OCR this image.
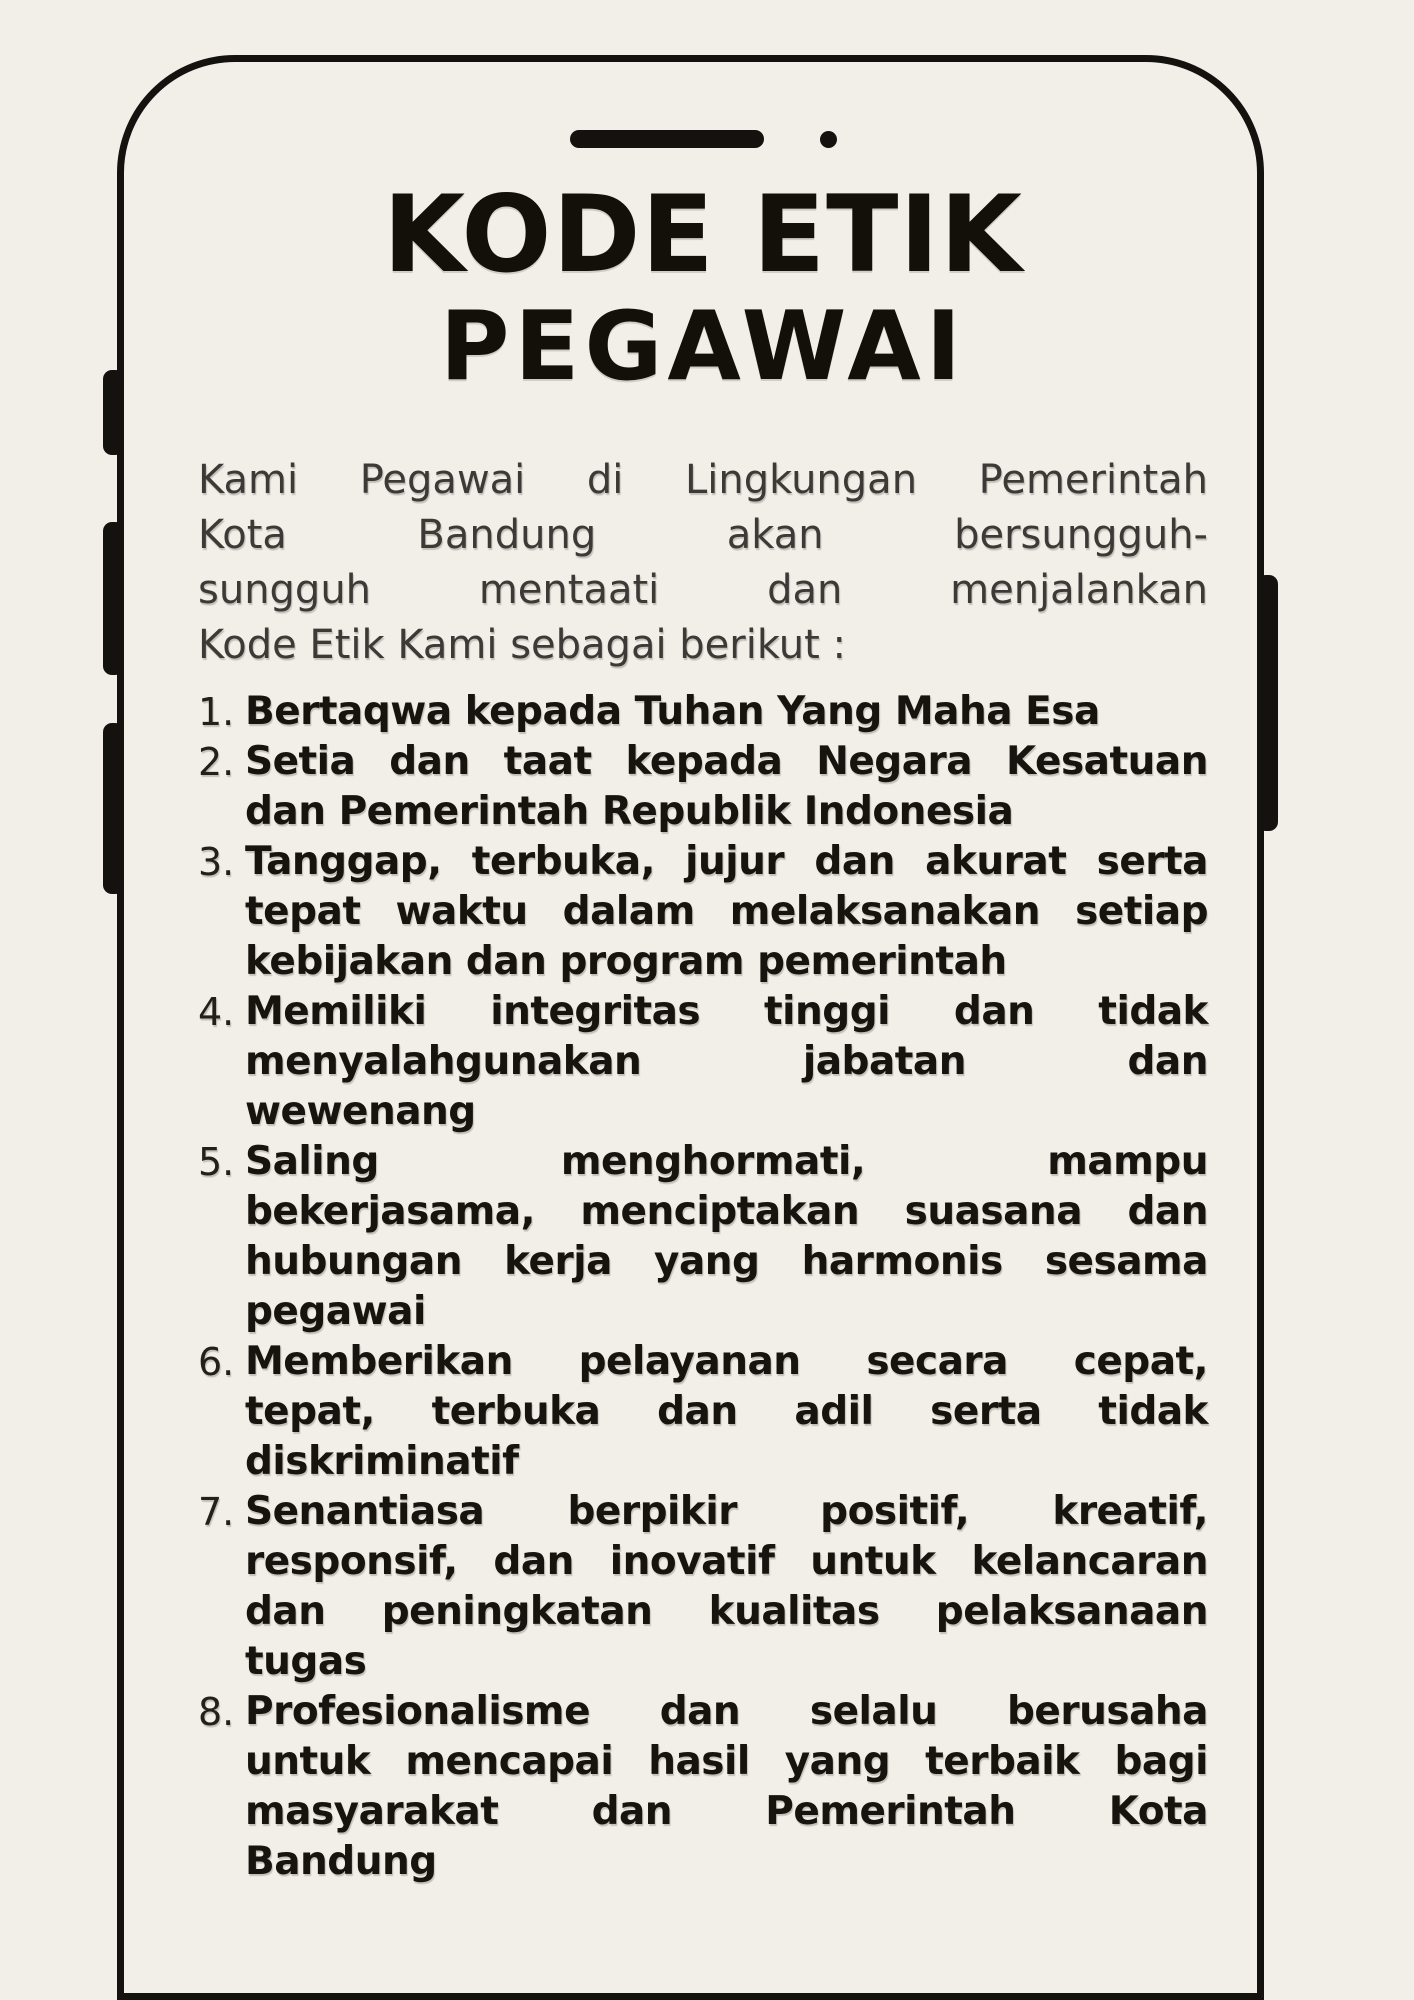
KODE ETIK
PEGAWAI
Kami Pegawai di Lingkungan Pemerintah
Kota Bandung akan bersungguh-
sungguh mentaati dan menjalankan
Kode Etik Kami sebagai berikut :
1. Bertaqwa kepada Tuhan Yang Maha Esa
2. Setia dan taat kepada Negara Kesatuan
dan Pemerintah Republik Indonesia
3. Tanggap, terbuka, jujur dan akurat serta
tepat waktu dalam melaksanakan setiap
kebijakan dan program pemerintah
4. Memiliki integritas tinggi dan tidak
menyalahgunakan jabatan dan
wewenang
5. Saling menghormati, mampu
bekerjasama, menciptakan suasana dan
hubungan kerja yang harmonis sesama
pegawai
6. Memberikan pelayanan secara cepat,
tepat, terbuka dan adil serta tidak
diskriminatif
7. Senantiasa berpikir positif, kreatif,
responsif, dan inovatif untuk kelancaran
dan peningkatan kualitas pelaksanaan
tugas
8. Profesionalisme dan selalu berusaha
untuk mencapai hasil yang terbaik bagi
masyarakat dan Pemerintah Kota
Bandung
